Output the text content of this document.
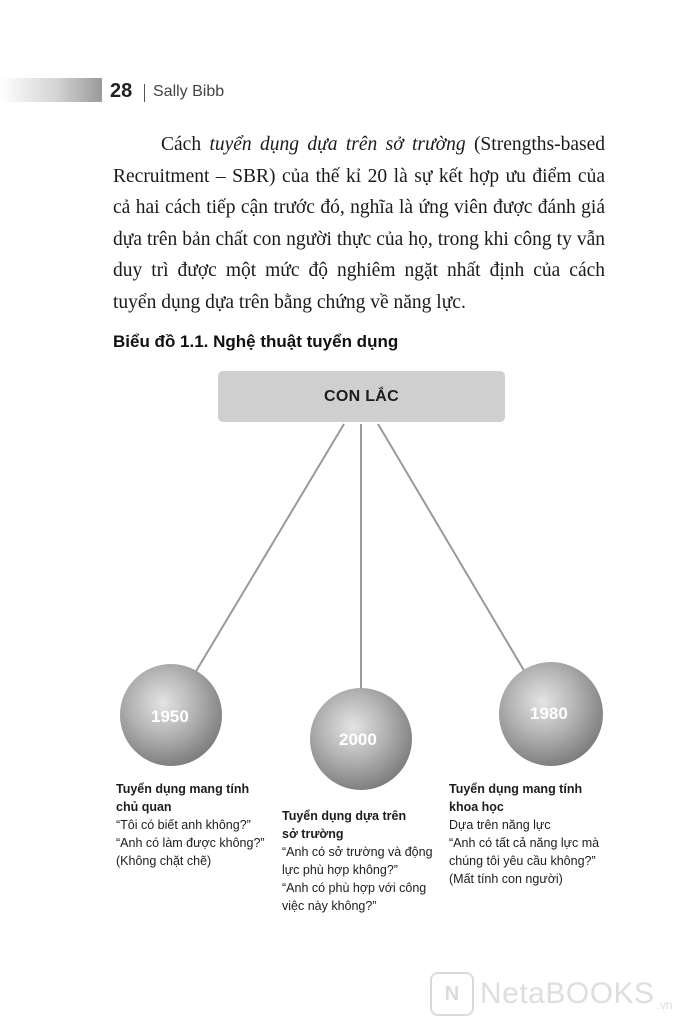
28 Sally Bibb

Cách tuyển dụng dựa trên sở trường (Strengths-based Recruitment – SBR) của thế kỉ 20 là sự kết hợp ưu điểm của cả hai cách tiếp cận trước đó, nghĩa là ứng viên được đánh giá dựa trên bản chất con người thực của họ, trong khi công ty vẫn duy trì được một mức độ nghiêm ngặt nhất định của cách tuyển dụng dựa trên bằng chứng về năng lực.

Biểu đồ 1.1. Nghệ thuật tuyển dụng
CON LẮC
1950
2000
1980
Tuyển dụng mang tính
chủ quan
“Tôi có biết anh không?”
“Anh có làm được không?”
(Không chặt chẽ)
Tuyển dụng dựa trên
sở trường
“Anh có sở trường và động
lực phù hợp không?”
“Anh có phù hợp với công
việc này không?”
Tuyển dụng mang tính
khoa học
Dựa trên năng lực
“Anh có tất cả năng lực mà
chúng tôi yêu cầu không?”
(Mất tính con người)
N NetaBOOKS .vn
